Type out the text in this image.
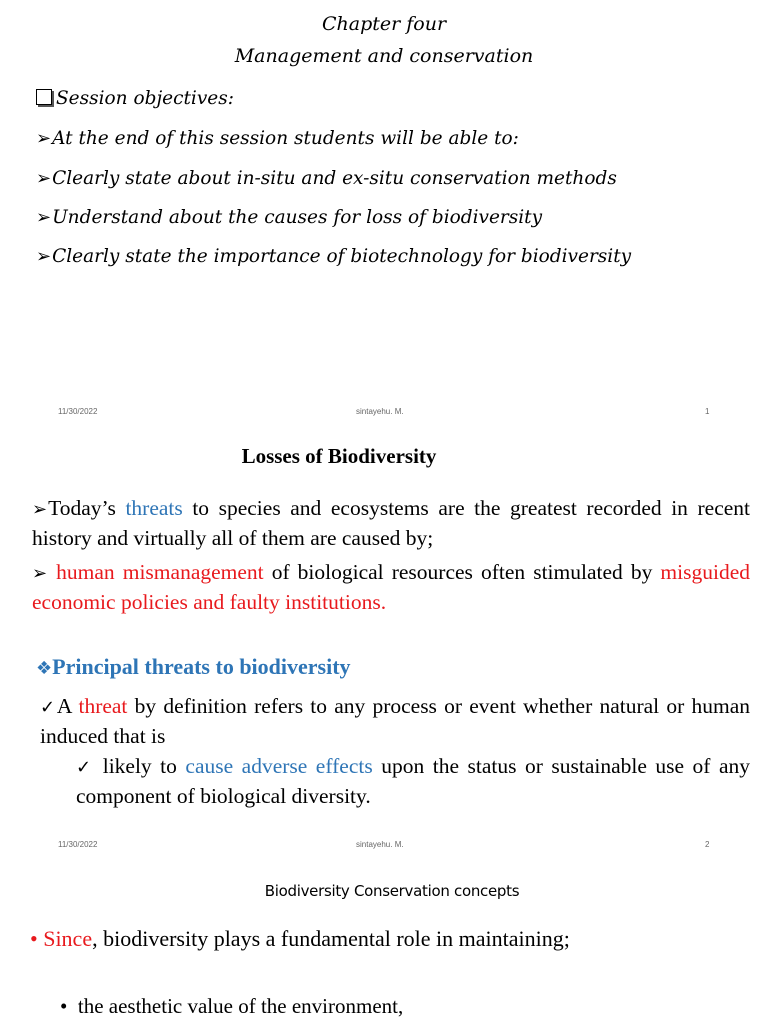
Chapter four
Management and conservation
Session objectives:
➢At the end of this session students will be able to:
➢Clearly state about in-situ and ex-situ conservation methods
➢Understand about the causes for loss of biodiversity
➢Clearly state the importance of biotechnology for biodiversity
11/30/2022	sintayehu. M.	1
Losses of Biodiversity
➢Today’s threats to species and ecosystems are the greatest recorded in recent history and virtually all of them are caused by;
➢ human mismanagement of biological resources often stimulated by misguided economic policies and faulty institutions.
❖Principal threats to biodiversity
✓A threat by definition refers to any process or event whether natural or human induced that is
✓ likely to cause adverse effects upon the status or sustainable use of any component of biological diversity.
11/30/2022	sintayehu. M.	2
Biodiversity Conservation concepts
• Since, biodiversity plays a fundamental role in maintaining;
• the aesthetic value of the environment,
